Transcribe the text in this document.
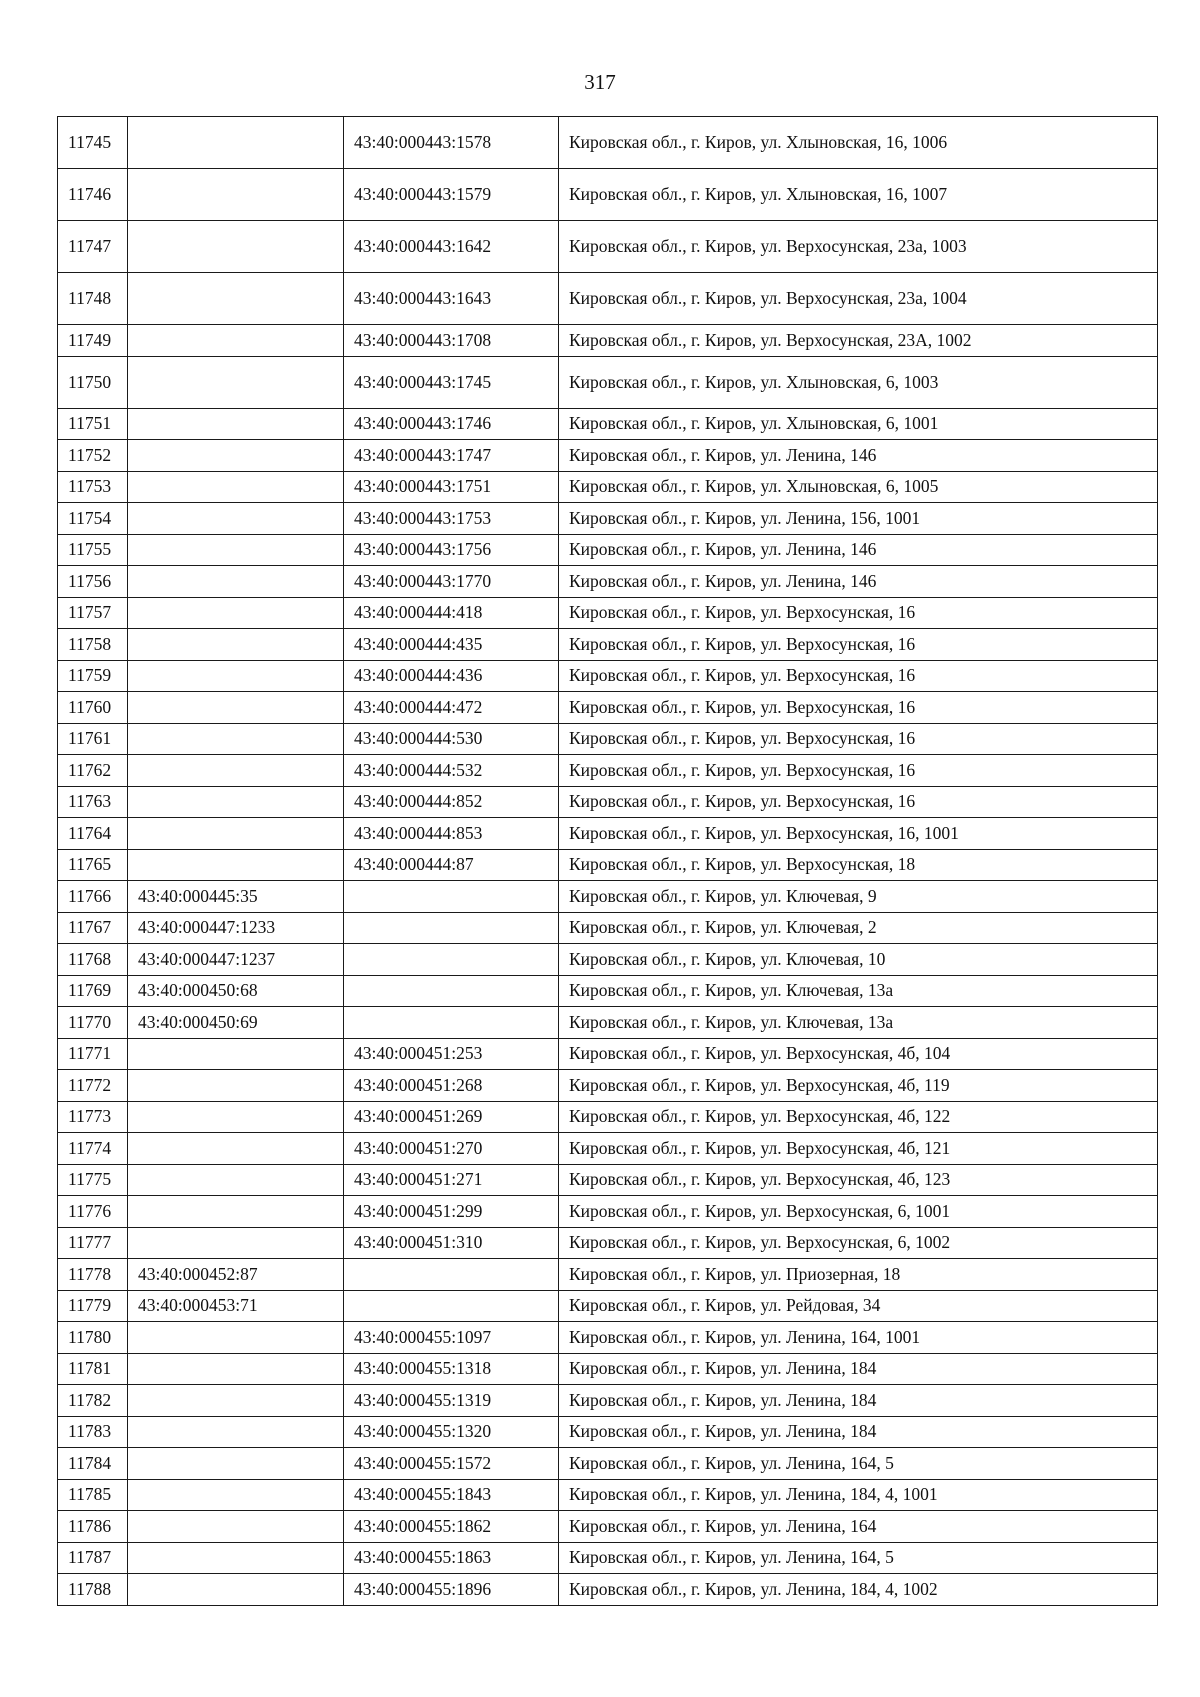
317
11745		43:40:000443:1578	Кировская обл., г. Киров, ул. Хлыновская, 16, 1006
11746		43:40:000443:1579	Кировская обл., г. Киров, ул. Хлыновская, 16, 1007
11747		43:40:000443:1642	Кировская обл., г. Киров, ул. Верхосунская, 23а, 1003
11748		43:40:000443:1643	Кировская обл., г. Киров, ул. Верхосунская, 23а, 1004
11749		43:40:000443:1708	Кировская обл., г. Киров, ул. Верхосунская, 23А, 1002
11750		43:40:000443:1745	Кировская обл., г. Киров, ул. Хлыновская, 6, 1003
11751		43:40:000443:1746	Кировская обл., г. Киров, ул. Хлыновская, 6, 1001
11752		43:40:000443:1747	Кировская обл., г. Киров, ул. Ленина, 146
11753		43:40:000443:1751	Кировская обл., г. Киров, ул. Хлыновская, 6, 1005
11754		43:40:000443:1753	Кировская обл., г. Киров, ул. Ленина, 156, 1001
11755		43:40:000443:1756	Кировская обл., г. Киров, ул. Ленина, 146
11756		43:40:000443:1770	Кировская обл., г. Киров, ул. Ленина, 146
11757		43:40:000444:418	Кировская обл., г. Киров, ул. Верхосунская, 16
11758		43:40:000444:435	Кировская обл., г. Киров, ул. Верхосунская, 16
11759		43:40:000444:436	Кировская обл., г. Киров, ул. Верхосунская, 16
11760		43:40:000444:472	Кировская обл., г. Киров, ул. Верхосунская, 16
11761		43:40:000444:530	Кировская обл., г. Киров, ул. Верхосунская, 16
11762		43:40:000444:532	Кировская обл., г. Киров, ул. Верхосунская, 16
11763		43:40:000444:852	Кировская обл., г. Киров, ул. Верхосунская, 16
11764		43:40:000444:853	Кировская обл., г. Киров, ул. Верхосунская, 16, 1001
11765		43:40:000444:87	Кировская обл., г. Киров, ул. Верхосунская, 18
11766	43:40:000445:35		Кировская обл., г. Киров, ул. Ключевая, 9
11767	43:40:000447:1233		Кировская обл., г. Киров, ул. Ключевая, 2
11768	43:40:000447:1237		Кировская обл., г. Киров, ул. Ключевая, 10
11769	43:40:000450:68		Кировская обл., г. Киров, ул. Ключевая, 13а
11770	43:40:000450:69		Кировская обл., г. Киров, ул. Ключевая, 13а
11771		43:40:000451:253	Кировская обл., г. Киров, ул. Верхосунская, 4б, 104
11772		43:40:000451:268	Кировская обл., г. Киров, ул. Верхосунская, 4б, 119
11773		43:40:000451:269	Кировская обл., г. Киров, ул. Верхосунская, 4б, 122
11774		43:40:000451:270	Кировская обл., г. Киров, ул. Верхосунская, 4б, 121
11775		43:40:000451:271	Кировская обл., г. Киров, ул. Верхосунская, 4б, 123
11776		43:40:000451:299	Кировская обл., г. Киров, ул. Верхосунская, 6, 1001
11777		43:40:000451:310	Кировская обл., г. Киров, ул. Верхосунская, 6, 1002
11778	43:40:000452:87		Кировская обл., г. Киров, ул. Приозерная, 18
11779	43:40:000453:71		Кировская обл., г. Киров, ул. Рейдовая, 34
11780		43:40:000455:1097	Кировская обл., г. Киров, ул. Ленина, 164, 1001
11781		43:40:000455:1318	Кировская обл., г. Киров, ул. Ленина, 184
11782		43:40:000455:1319	Кировская обл., г. Киров, ул. Ленина, 184
11783		43:40:000455:1320	Кировская обл., г. Киров, ул. Ленина, 184
11784		43:40:000455:1572	Кировская обл., г. Киров, ул. Ленина, 164, 5
11785		43:40:000455:1843	Кировская обл., г. Киров, ул. Ленина, 184, 4, 1001
11786		43:40:000455:1862	Кировская обл., г. Киров, ул. Ленина, 164
11787		43:40:000455:1863	Кировская обл., г. Киров, ул. Ленина, 164, 5
11788		43:40:000455:1896	Кировская обл., г. Киров, ул. Ленина, 184, 4, 1002
